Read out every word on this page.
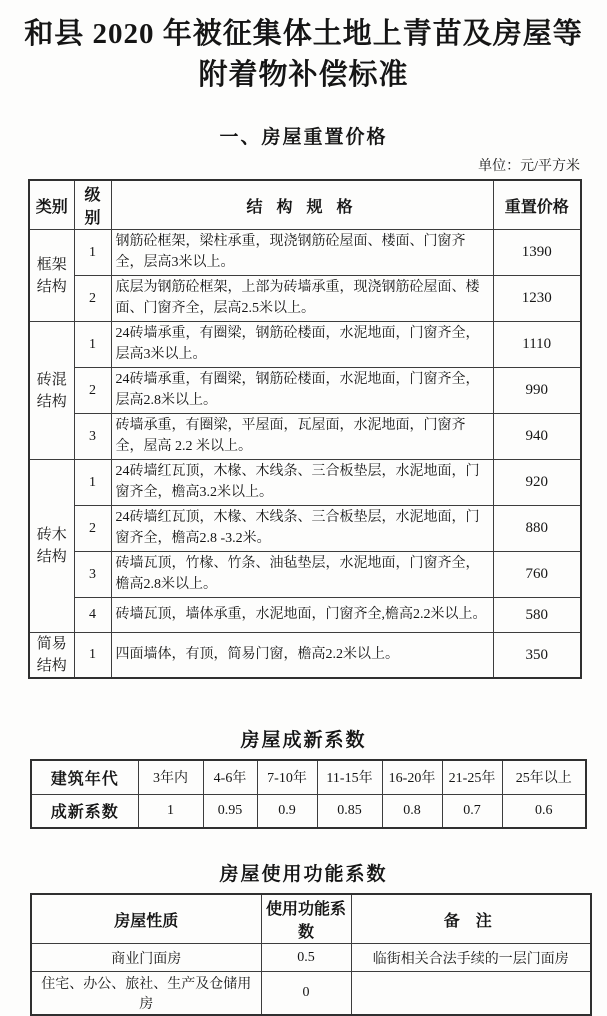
和县 2020 年被征集体土地上青苗及房屋等
附着物补偿标准
一、房屋重置价格
单位：元/平方米
类别	级别	结 构 规 格	重置价格
框架结构	1	钢筋砼框架，梁柱承重，现浇钢筋砼屋面、楼面、门窗齐全，层高3米以上。	1390
	2	底层为钢筋砼框架，上部为砖墙承重，现浇钢筋砼屋面、楼面、门窗齐全，层高2.5米以上。	1230
砖混结构	1	24砖墙承重，有圈梁，钢筋砼楼面，水泥地面，门窗齐全，层高3米以上。	1110
	2	24砖墙承重，有圈梁，钢筋砼楼面，水泥地面，门窗齐全，层高2.8米以上。	990
	3	砖墙承重，有圈梁，平屋面，瓦屋面，水泥地面，门窗齐全，屋高 2.2 米以上。	940
砖木结构	1	24砖墙红瓦顶，木椽、木线条、三合板垫层，水泥地面，门窗齐全，檐高3.2米以上。	920
	2	24砖墙红瓦顶，木椽、木线条、三合板垫层，水泥地面，门窗齐全，檐高2.8 -3.2米。	880
	3	砖墙瓦顶，竹椽、竹条、油毡垫层，水泥地面，门窗齐全，檐高2.8米以上。	760
	4	砖墙瓦顶，墙体承重，水泥地面，门窗齐全,檐高2.2米以上。	580
简易结构	1	四面墙体，有顶，简易门窗，檐高2.2米以上。	350
房屋成新系数
建筑年代	3年内	4-6年	7-10年	11-15年	16-20年	21-25年	25年以上
成新系数	1	0.95	0.9	0.85	0.8	0.7	0.6
房屋使用功能系数
房屋性质	使用功能系数	备 注
商业门面房	0.5	临街相关合法手续的一层门面房
住宅、办公、旅社、生产及仓储用房	0	
